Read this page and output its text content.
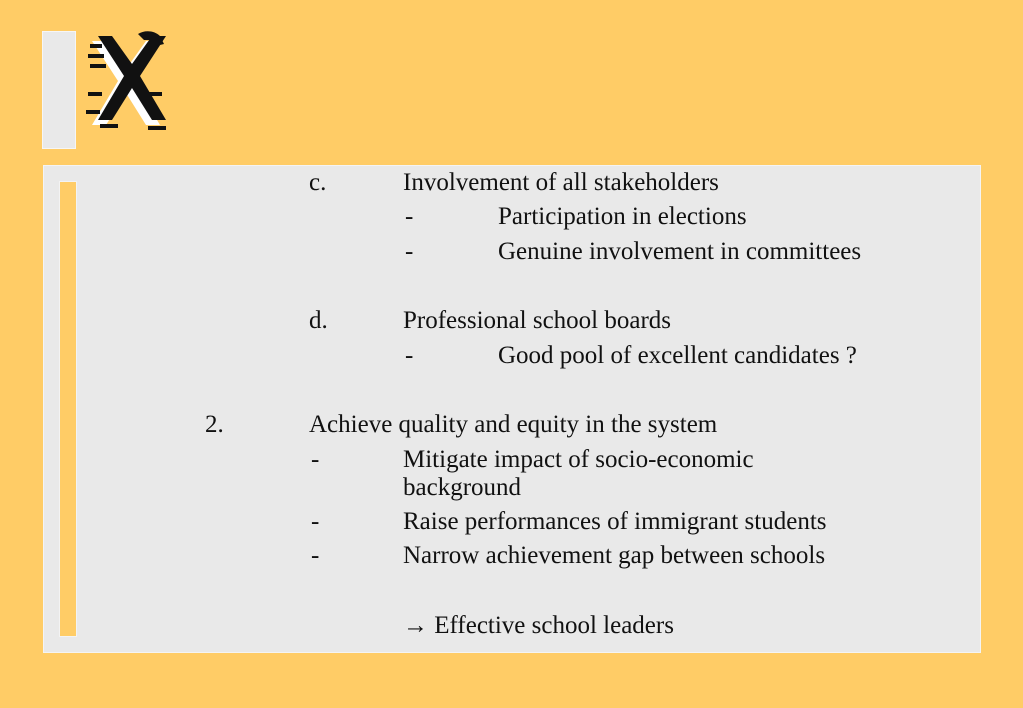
c.	Involvement of all stakeholders
-	Participation in elections
-	Genuine involvement in committees
d.	Professional school boards
-	Good pool of excellent candidates ?
2.	Achieve quality and equity in the system
-	Mitigate impact of socio-economic
background
-	Raise performances of immigrant students
-	Narrow achievement gap between schools
→ Effective school leaders
